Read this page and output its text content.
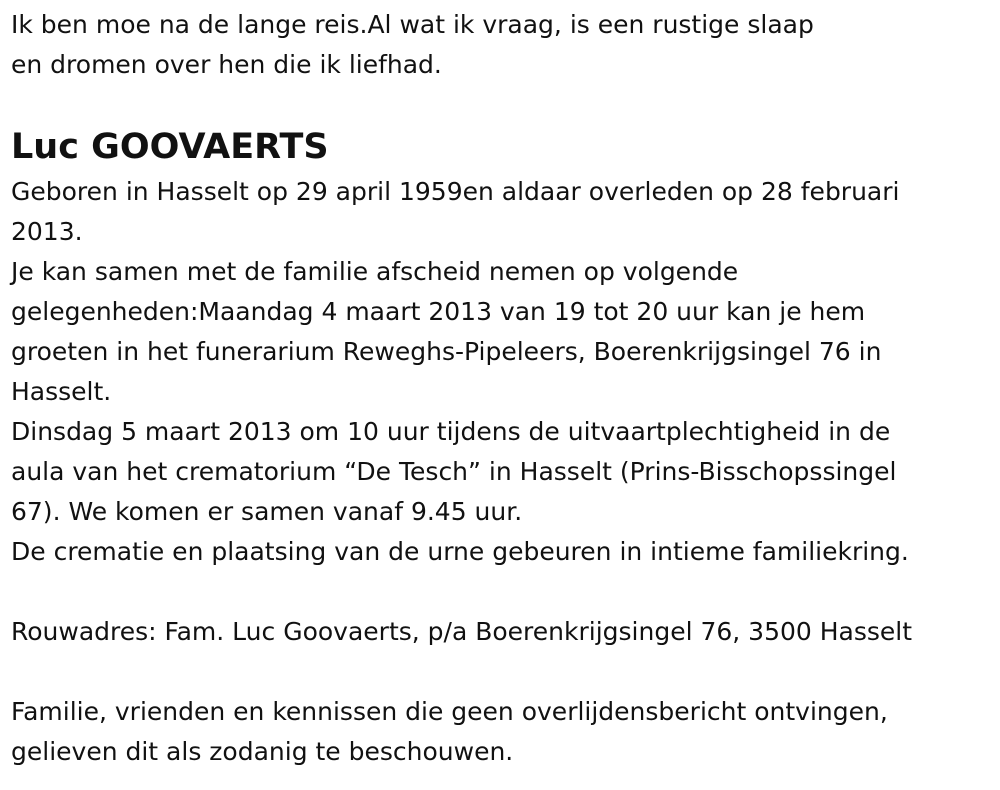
Ik ben moe na de lange reis.Al wat ik vraag, is een rustige slaap
en dromen over hen die ik liefhad.
Luc GOOVAERTS
Geboren in Hasselt op 29 april 1959en aldaar overleden op 28 februari
2013.
Je kan samen met de familie afscheid nemen op volgende
gelegenheden:Maandag 4 maart 2013 van 19 tot 20 uur kan je hem
groeten in het funerarium Reweghs-Pipeleers, Boerenkrijgsingel 76 in
Hasselt.
Dinsdag 5 maart 2013 om 10 uur tijdens de uitvaartplechtigheid in de
aula van het crematorium “De Tesch” in Hasselt (Prins-Bisschopssingel
67). We komen er samen vanaf 9.45 uur.
De crematie en plaatsing van de urne gebeuren in intieme familiekring.
Rouwadres: Fam. Luc Goovaerts, p/a Boerenkrijgsingel 76, 3500 Hasselt
Familie, vrienden en kennissen die geen overlijdensbericht ontvingen,
gelieven dit als zodanig te beschouwen.
